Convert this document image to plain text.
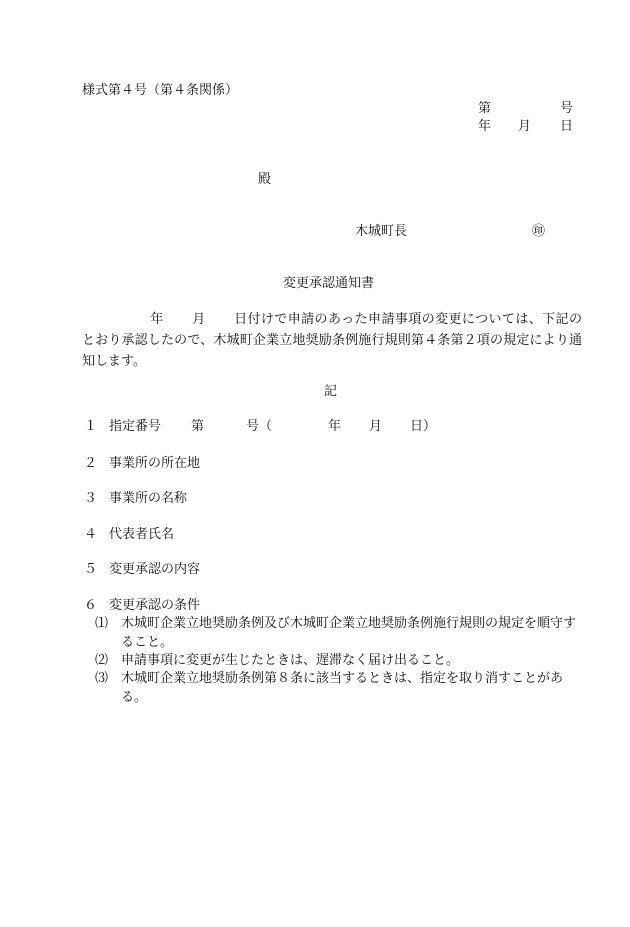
様式第４号（第４条関係）
第	号
年 月 日
殿
木城町長	㊞
変更承認通知書
年 月 日付けで申請のあった申請事項の変更については、下記のとおり承認したので、木城町企業立地奨励条例施行規則第４条第２項の規定により通知します。
記
１ 指定番号 第	号（	年 月 日）
２ 事業所の所在地
３ 事業所の名称
４ 代表者氏名
５ 変更承認の内容
６ 変更承認の条件
⑴ 木城町企業立地奨励条例及び木城町企業立地奨励条例施行規則の規定を順守すること。
⑵ 申請事項に変更が生じたときは、遅滞なく届け出ること。
⑶ 木城町企業立地奨励条例第８条に該当するときは、指定を取り消すことがある。
